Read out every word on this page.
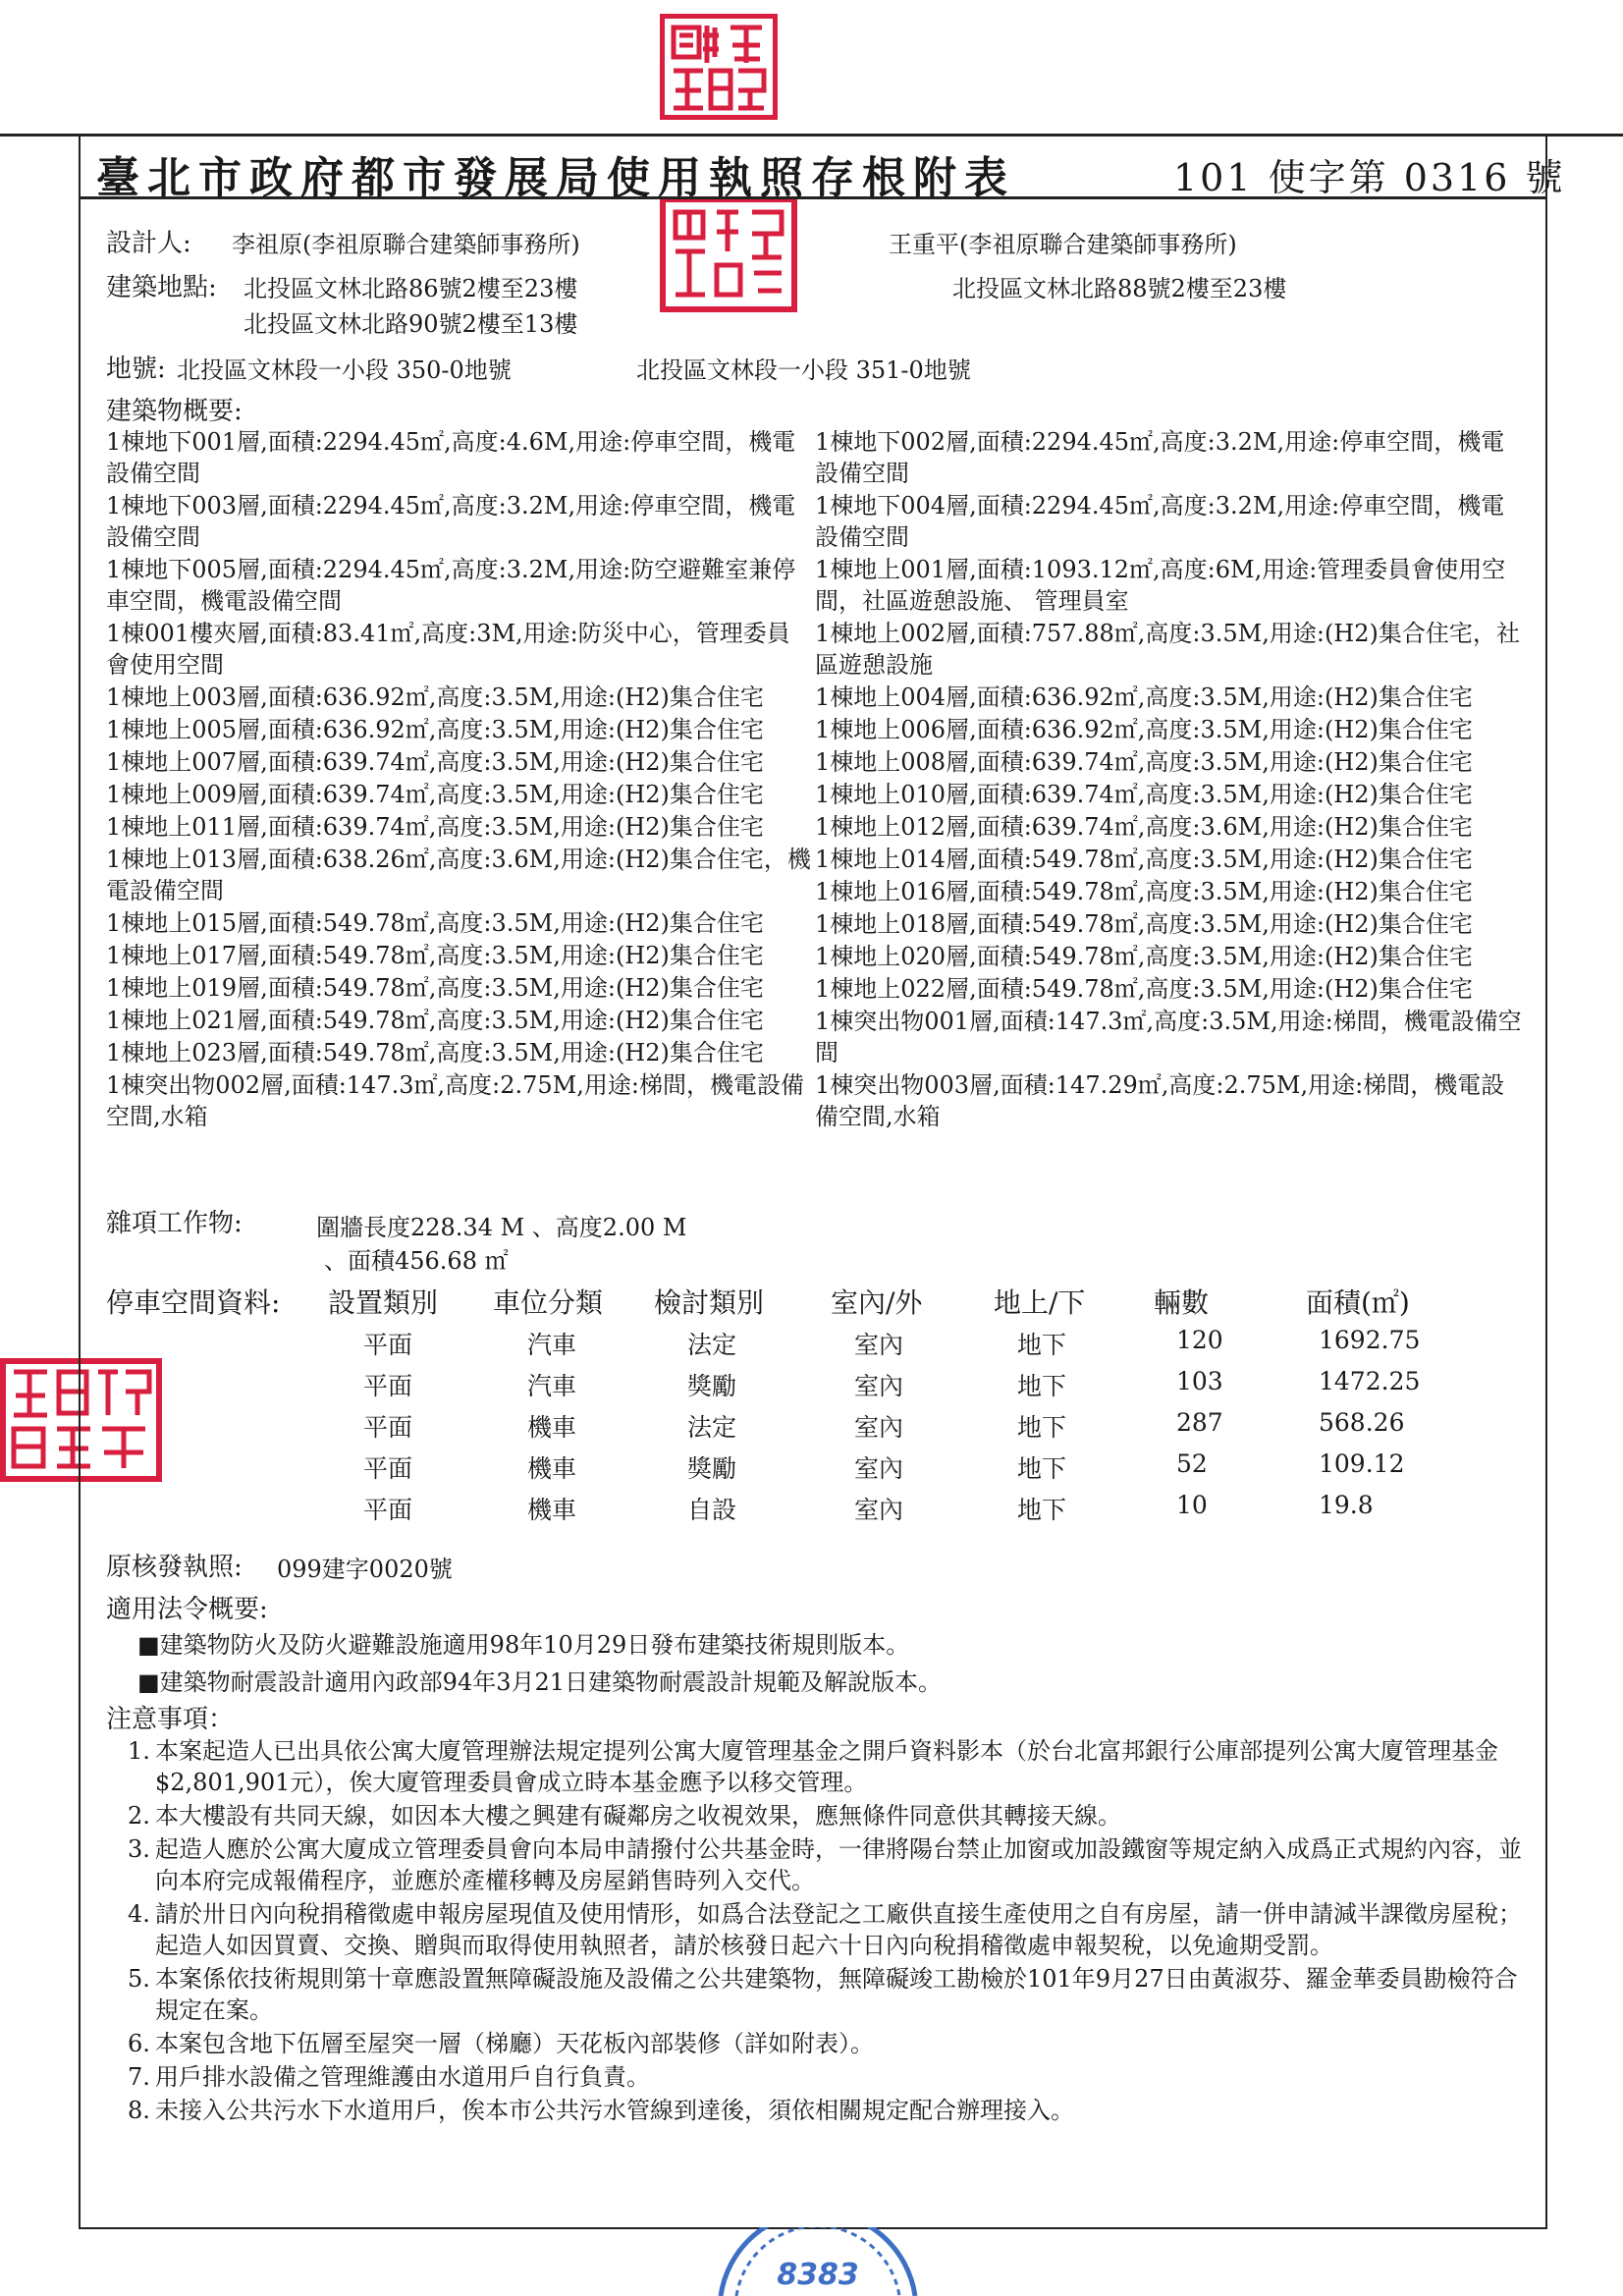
臺北市政府都市發展局使用執照存根附表	101 使字第 0316 號
設計人: 李祖原(李祖原聯合建築師事務所)	王重平(李祖原聯合建築師事務所)
建築地點: 北投區文林北路86號2樓至23樓	北投區文林北路88號2樓至23樓
北投區文林北路90號2樓至13樓
地號: 北投區文林段一小段 350-0地號	北投區文林段一小段 351-0地號
建築物概要:
1棟地下001層,面積:2294.45㎡,高度:4.6M,用途:停車空間，機電設備空間
1棟地下003層,面積:2294.45㎡,高度:3.2M,用途:停車空間，機電設備空間
1棟地下005層,面積:2294.45㎡,高度:3.2M,用途:防空避難室兼停車空間，機電設備空間
1棟001樓夾層,面積:83.41㎡,高度:3M,用途:防災中心，管理委員會使用空間
1棟地上003層,面積:636.92㎡,高度:3.5M,用途:(H2)集合住宅
1棟地上005層,面積:636.92㎡,高度:3.5M,用途:(H2)集合住宅
1棟地上007層,面積:639.74㎡,高度:3.5M,用途:(H2)集合住宅
1棟地上009層,面積:639.74㎡,高度:3.5M,用途:(H2)集合住宅
1棟地上011層,面積:639.74㎡,高度:3.5M,用途:(H2)集合住宅
1棟地上013層,面積:638.26㎡,高度:3.6M,用途:(H2)集合住宅，機電設備空間
1棟地上015層,面積:549.78㎡,高度:3.5M,用途:(H2)集合住宅
1棟地上017層,面積:549.78㎡,高度:3.5M,用途:(H2)集合住宅
1棟地上019層,面積:549.78㎡,高度:3.5M,用途:(H2)集合住宅
1棟地上021層,面積:549.78㎡,高度:3.5M,用途:(H2)集合住宅
1棟地上023層,面積:549.78㎡,高度:3.5M,用途:(H2)集合住宅
1棟突出物002層,面積:147.3㎡,高度:2.75M,用途:梯間，機電設備空間,水箱
1棟地下002層,面積:2294.45㎡,高度:3.2M,用途:停車空間，機電設備空間
1棟地下004層,面積:2294.45㎡,高度:3.2M,用途:停車空間，機電設備空間
1棟地上001層,面積:1093.12㎡,高度:6M,用途:管理委員會使用空間，社區遊憩設施、 管理員室
1棟地上002層,面積:757.88㎡,高度:3.5M,用途:(H2)集合住宅，社區遊憩設施
1棟地上004層,面積:636.92㎡,高度:3.5M,用途:(H2)集合住宅
1棟地上006層,面積:636.92㎡,高度:3.5M,用途:(H2)集合住宅
1棟地上008層,面積:639.74㎡,高度:3.5M,用途:(H2)集合住宅
1棟地上010層,面積:639.74㎡,高度:3.5M,用途:(H2)集合住宅
1棟地上012層,面積:639.74㎡,高度:3.6M,用途:(H2)集合住宅
1棟地上014層,面積:549.78㎡,高度:3.5M,用途:(H2)集合住宅
1棟地上016層,面積:549.78㎡,高度:3.5M,用途:(H2)集合住宅
1棟地上018層,面積:549.78㎡,高度:3.5M,用途:(H2)集合住宅
1棟地上020層,面積:549.78㎡,高度:3.5M,用途:(H2)集合住宅
1棟地上022層,面積:549.78㎡,高度:3.5M,用途:(H2)集合住宅
1棟突出物001層,面積:147.3㎡,高度:3.5M,用途:梯間，機電設備空間
1棟突出物003層,面積:147.29㎡,高度:2.75M,用途:梯間，機電設備空間,水箱
雜項工作物:	圍牆長度228.34 M 、高度2.00 M
、面積456.68 ㎡
停車空間資料: 設置類別 車位分類 檢討類別 室內/外	地上/下 輛數	面積(㎡)
平面	汽車	法定	室內	地下	120	1692.75
平面	汽車	獎勵	室內	地下	103	1472.25
平面	機車	法定	室內	地下	287	568.26
平面	機車	獎勵	室內	地下	52	109.12
平面	機車	自設	室內	地下	10	19.8
原核發執照: 099建字0020號
適用法令概要:
■建築物防火及防火避難設施適用98年10月29日發布建築技術規則版本。
■建築物耐震設計適用內政部94年3月21日建築物耐震設計規範及解說版本。
注意事項：
1. 本案起造人已出具依公寓大廈管理辦法規定提列公寓大廈管理基金之開戶資料影本（於台北富邦銀行公庫部提列公寓大廈管理基金$2,801,901元），俟大廈管理委員會成立時本基金應予以移交管理。
2. 本大樓設有共同天線，如因本大樓之興建有礙鄰房之收視效果，應無條件同意供其轉接天線。
3. 起造人應於公寓大廈成立管理委員會向本局申請撥付公共基金時，一律將陽台禁止加窗或加設鐵窗等規定納入成爲正式規約內容，並向本府完成報備程序，並應於產權移轉及房屋銷售時列入交代。
4. 請於卅日內向稅捐稽徵處申報房屋現值及使用情形，如爲合法登記之工廠供直接生產使用之自有房屋，請一併申請減半課徵房屋稅；起造人如因買賣、交換、贈與而取得使用執照者，請於核發日起六十日內向稅捐稽徵處申報契稅，以免逾期受罰。
5. 本案係依技術規則第十章應設置無障礙設施及設備之公共建築物，無障礙竣工勘檢於101年9月27日由黃淑芬、羅金華委員勘檢符合規定在案。
6. 本案包含地下伍層至屋突一層（梯廳）天花板內部裝修（詳如附表）。
7. 用戶排水設備之管理維護由水道用戶自行負責。
8. 未接入公共污水下水道用戶，俟本市公共污水管線到達後，須依相關規定配合辦理接入。
8383
